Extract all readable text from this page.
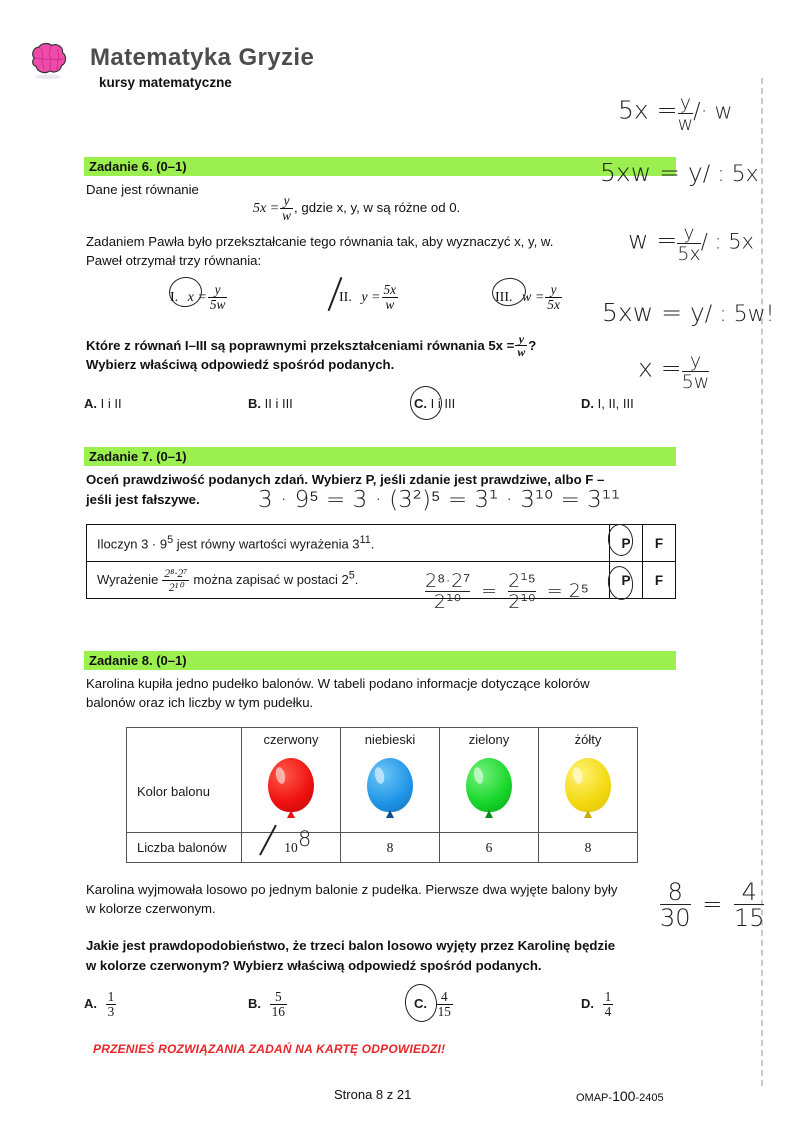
Matematyka Gryzie
kursy matematyczne
Zadanie 6. (0–1)
Dane jest równanie
$5x = \frac{y}{w}$ , gdzie x, y, w są różne od 0.
Zadaniem Pawła było przekształcanie tego równania tak, aby wyznaczyć x, y, w.
Paweł otrzymał trzy równania:
I. $x = \frac{y}{5w}$	II. $y = \frac{5x}{w}$	III. $w = \frac{y}{5x}$
Które z równań I–III są poprawnymi przekształceniami równania $5x = \frac{y}{w}$ ?
Wybierz właściwą odpowiedź spośród podanych.
A. I i II	B. II i III	C. I i III	D. I, II, III
$5x = \frac{y}{w} /\cdot w$
5xw = y/ : 5x
$w = \frac{y}{5x}$ / : 5x
5xw = y/ : 5w!
$x = \frac{y}{5w}$
Zadanie 7. (0–1)
Oceń prawdziwość podanych zdań. Wybierz P, jeśli zdanie jest prawdziwe, albo F –
jeśli jest fałszywe.	3 · 9⁵ = 3 · (3²)⁵ = 3¹ · 3¹⁰ = 3¹¹
Iloczyn $3 \cdot 9^5$ jest równy wartości wyrażenia $3^{11}$.	P	F
Wyrażenie $\frac{\text{2⁸·2⁷}}{\text{2¹⁰}}$ można zapisać w postaci $2^5$.	P	F
$\frac{\text{2⁸·2⁷}}{\text{2¹⁰}} = \frac{\text{2¹⁵}}{\text{2¹⁰}} = 2^5$
Zadanie 8. (0–1)
Karolina kupiła jedno pudełko balonów. W tabeli podano informacje dotyczące kolorów
balonów oraz ich liczby w tym pudełku.
	czerwony	niebieski	zielony	żółty
Kolor balonu	

Liczba balonów	10	8	6	8
8
Karolina wyjmowała losowo po jednym balonie z pudełka. Pierwsze dwa wyjęte balony były
w kolorze czerwonym.
Jakie jest prawdopodobieństwo, że trzeci balon losowo wyjęty przez Karolinę będzie
w kolorze czerwonym? Wybierz właściwą odpowiedź spośród podanych.
$\frac{8}{30} = \frac{4}{15}$
A. $\frac{1}{3}$	B. $\frac{5}{16}$	C. $\frac{4}{15}$	D. $\frac{1}{4}$
PRZENIEŚ ROZWIĄZANIA ZADAŃ NA KARTĘ ODPOWIEDZI!
Strona 8 z 21	OMAP-100-2405
